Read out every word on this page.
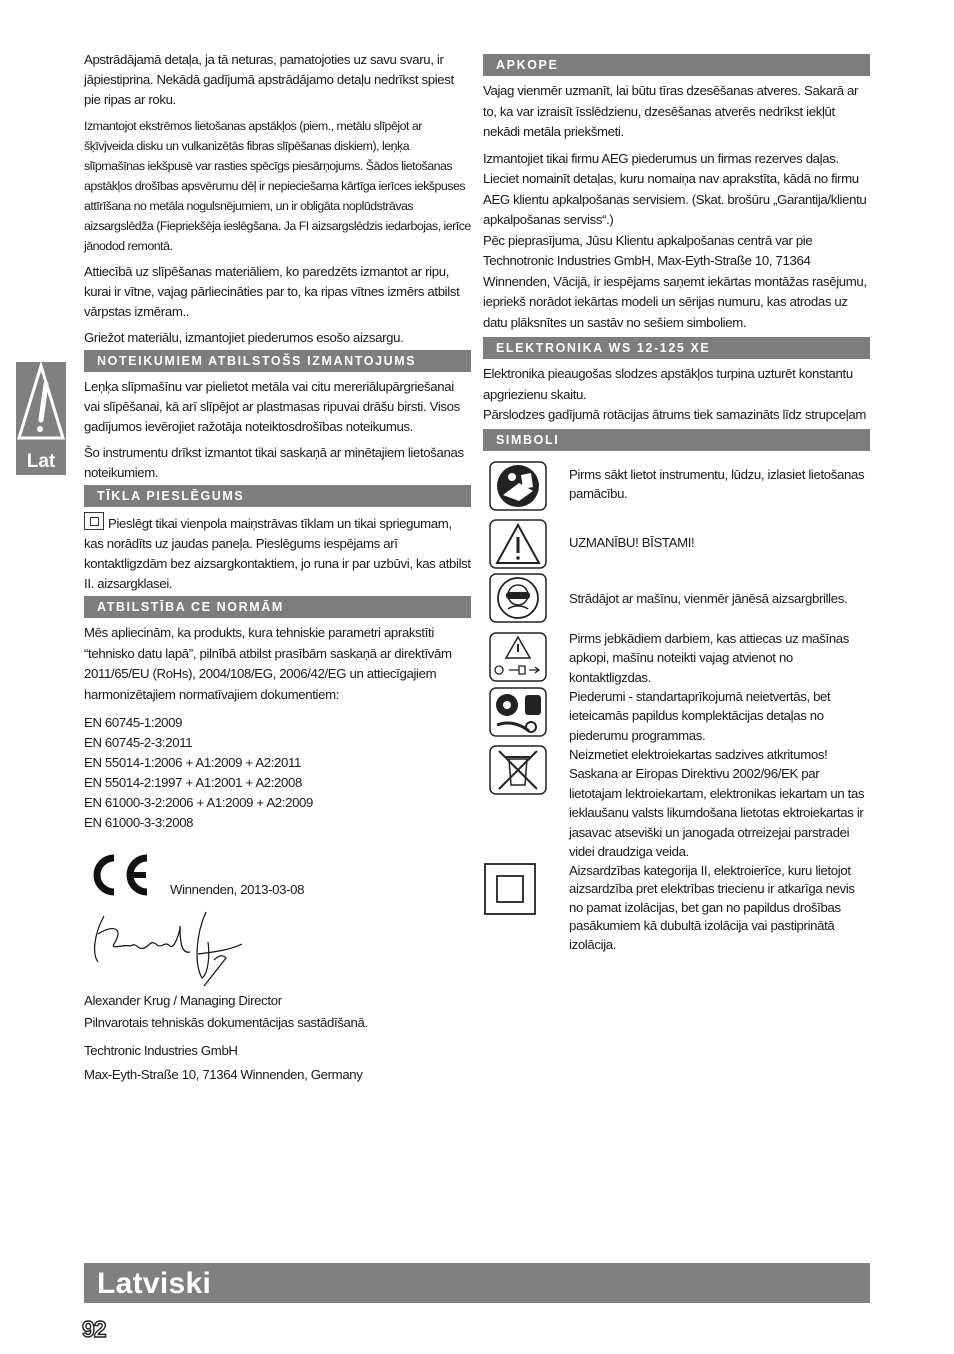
Lat

Apstrādājamā detaļa, ja tā neturas, pamatojoties uz savu svaru, ir jāpiestiprina. Nekādā gadījumā apstrādājamo detaļu nedrīkst spiest pie ripas ar roku.

Izmantojot ekstrēmos lietošanas apstākļos (piem., metālu slīpējot ar šķīvjveida disku un vulkanizētās fibras slīpēšanas diskiem), leņķa slīpmašīnas iekšpusē var rasties spēcīgs piesārņojums. Šādos lietošanas apstākļos drošības apsvērumu dēļ ir nepieciešama kārtīga ierīces iekšpuses attīrīšana no metāla nogulsnējumiem, un ir obligāta noplūdstrāvas aizsargslēdža (Fiepriekšēja ieslēgšana. Ja FI aizsargslēdzis iedarbojas, ierīce jānodod remontā.

Attiecībā uz slīpēšanas materiāliem, ko paredzēts izmantot ar ripu, kurai ir vītne, vajag pārliecināties par to, ka ripas vītnes izmērs atbilst vārpstas izmēram..

Griežot materiālu, izmantojiet piederumos esošo aizsargu.

NOTEIKUMIEM ATBILSTOŠS IZMANTOJUMS

Leņķa slīpmašīnu var pielietot metāla vai citu mereriālupārgriešanai vai slīpēšanai, kā arī slīpējot ar plastmasas ripuvai drāšu birsti. Visos gadījumos ievērojiet ražotāja noteiktosdrošības noteikumus.

Šo instrumentu drīkst izmantot tikai saskaņā ar minētajiem lietošanas noteikumiem.

TĪKLA PIESLĒGUMS

Pieslēgt tikai vienpola maiņstrāvas tīklam un tikai spriegumam, kas norādīts uz jaudas paneļa. Pieslēgums iespējams arī kontaktligzdām bez aizsargkontaktiem, jo runa ir par uzbūvi, kas atbilst II. aizsargklasei.

ATBILSTĪBA CE NORMĀM

Mēs apliecinām, ka produkts, kura tehniskie parametri aprakstīti “tehnisko datu lapā”, pilnībā atbilst prasībām saskaņā ar direktīvām 2011/65/EU (RoHs), 2004/108/EG, 2006/42/EG un attiecīgajiem harmonizētajiem normatīvajiem dokumentiem:

EN 60745-1:2009

EN 60745-2-3:2011

EN 55014-1:2006 + A1:2009 + A2:2011

EN 55014-2:1997 + A1:2001 + A2:2008

EN 61000-3-2:2006 + A1:2009 + A2:2009

EN 61000-3-3:2008

Winnenden, 2013-03-08

Alexander Krug / Managing Director

Pilnvarotais tehniskās dokumentācijas sastādīšanā.

Techtronic Industries GmbH

Max-Eyth-Straße 10, 71364 Winnenden, Germany

APKOPE

Vajag vienmēr uzmanīt, lai būtu tīras dzesēšanas atveres. Sakarā ar to, ka var izraisīt īsslēdzienu, dzesēšanas atverēs nedrīkst iekļūt nekādi metāla priekšmeti.

Izmantojiet tikai firmu AEG piederumus un firmas rezerves daļas. Lieciet nomainīt detaļas, kuru nomaiņa nav aprakstīta, kādā no firmu AEG klientu apkalpošanas servisiem. (Skat. brošūru „Garantija/klientu apkalpošanas serviss“.)

Pēc pieprasījuma, Jūsu Klientu apkalpošanas centrā var pie Technotronic Industries GmbH, Max-Eyth-Straße 10, 71364 Winnenden, Vācijā, ir iespējams saņemt iekārtas montāžas rasējumu, iepriekš norādot iekārtas modeli un sērijas numuru, kas atrodas uz datu plāksnītes un sastāv no sešiem simboliem.

ELEKTRONIKA WS 12-125 XE

Elektronika pieaugošas slodzes apstākļos turpina uzturēt konstantu apgriezienu skaitu.

Pārslodzes gadījumā rotācijas ātrums tiek samazināts līdz strupceļam

SIMBOLI
Pirms sākt lietot instrumentu, lūdzu, izlasiet lietošanas pamācību.
UZMANĪBU! BĪSTAMI!
Strādājot ar mašīnu, vienmēr jānēsā aizsargbrilles.
Pirms jebkādiem darbiem, kas attiecas uz mašīnas apkopi, mašīnu noteikti vajag atvienot no kontaktligzdas.
Piederumi - standartaprīkojumā neietvertās, bet ieteicamās papildus komplektācijas detaļas no piederumu programmas.
Neizmetiet elektroiekartas sadzives atkritumos! Saskana ar Eiropas Direktivu 2002/96/EK par lietotajam lektroiekartam, elektronikas iekartam un tas ieklaušanu valsts likumdošana lietotas ektroiekartas ir jasavac atseviški un janogada otrreizejai parstradei videi draudziga veida.
Aizsardzības kategorija II, elektroierīce, kuru lietojot aizsardzība pret elektrības triecienu ir atkarīga nevis no pamat izolācijas, bet gan no papildus drošības pasākumiem kā dubultā izolācija vai pastiprinātā izolācija.
Latviski
92
